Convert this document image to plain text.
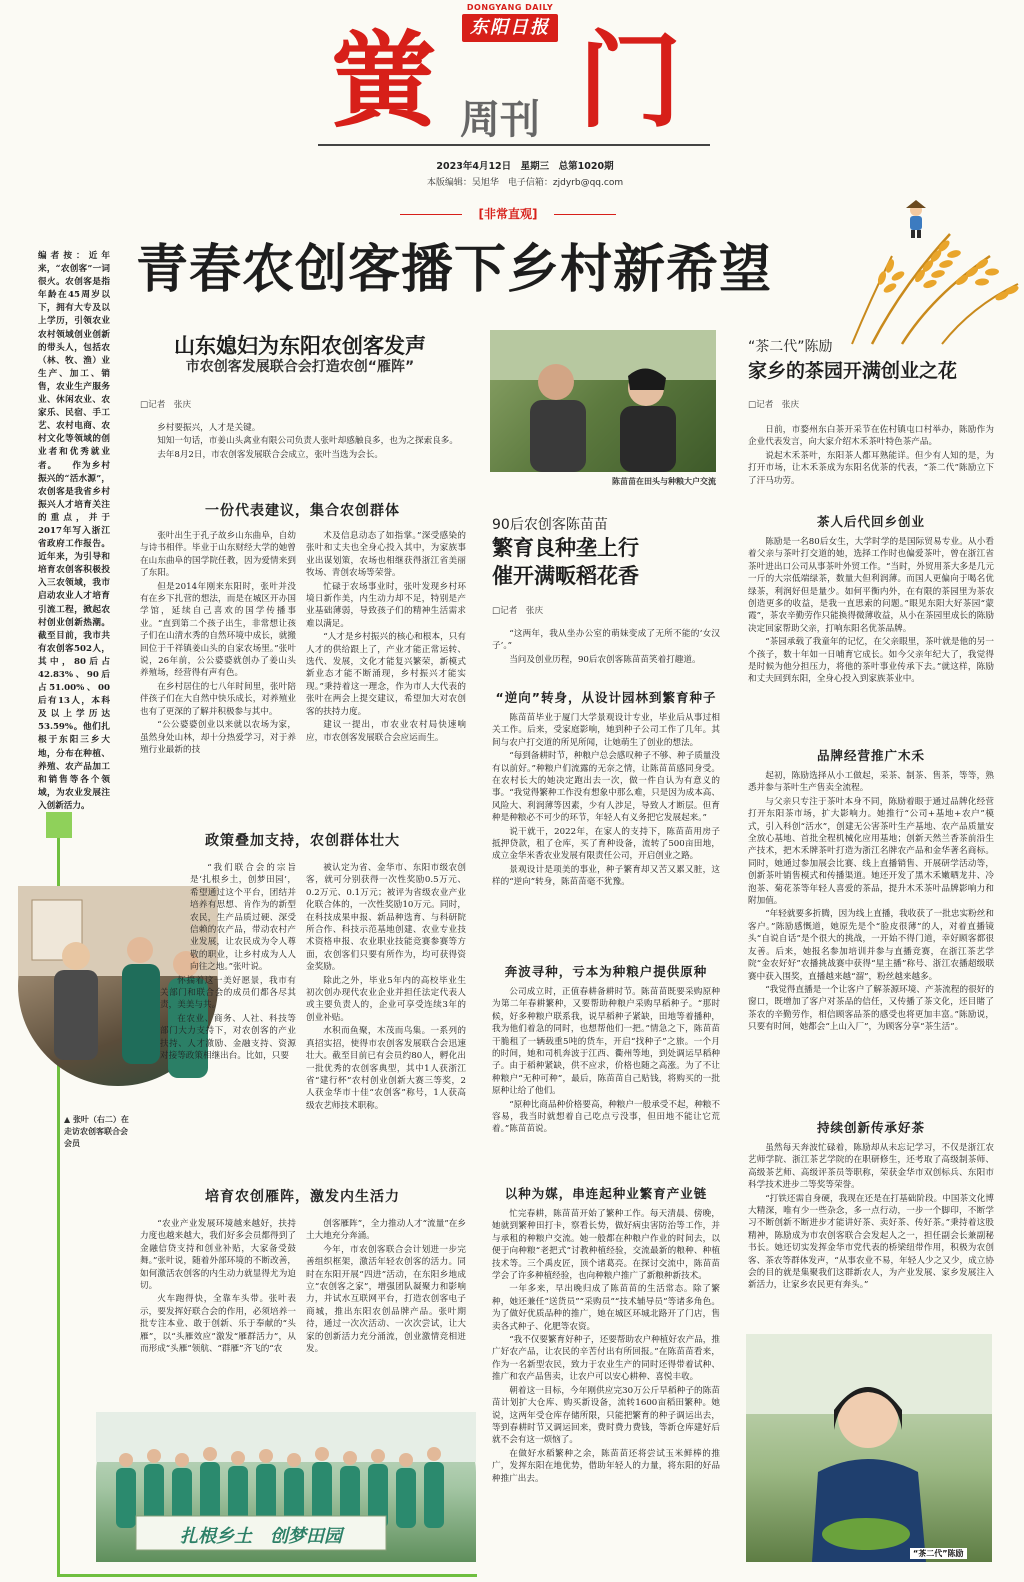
DONGYANG DAILY
东阳日报
黉 周刊 门
2023年4月12日　星期三　总第1020期
本版编辑：吴旭华　电子信箱：zjdyrb@qq.com
[非常直观]
青春农创客播下乡村新希望

编者按：近年来，“农创客”一词很火。农创客是指年龄在45周岁以下，拥有大专及以上学历，引领农业农村领域创业创新的带头人，包括农（林、牧、渔）业生产、加工、销售，农业生产服务业、休闲农业、农家乐、民宿、手工艺、农村电商、农村文化等领域的创业者和优秀就业者。　　作为乡村振兴的“活水源”，农创客是我省乡村振兴人才培育关注的重点，并于2017年写入浙江省政府工作报告。近年来，为引导和培育农创客积极投入三农领域，我市启动农业人才培育引流工程，掀起农村创业创新热潮。截至目前，我市共有农创客502人，其中，80后占42.83%、90后占51.00%、00后有13人，本科及以上学历达53.59%。他们扎根于东阳三乡大地，分布在种植、养殖、农产品加工和销售等各个领域，为农业发展注入创新活力。

山东媳妇为东阳农创客发声
市农创客发展联合会打造农创“雁阵”
□记者　张庆

乡村要振兴，人才是关键。

知知一句话，市姜山头禽业有限公司负责人张叶却感触良多，也为之探索良多。

去年8月2日，市农创客发展联合会成立，张叶当选为会长。

一份代表建议，集合农创群体

张叶出生于孔子故乡山东曲阜，自幼与诗书相伴。毕业于山东财经大学的她曾在山东曲阜的国学院任教，因为爱情来到了东阳。

但是2014年刚来东阳时，张叶并没有在乡下扎营的想法，而是在城区开办国学馆，延续自己喜欢的国学传播事业。“直到第二个孩子出生，非常想让孩子们在山清水秀的自然环境中成长，就搬回位于千祥镇姜山头的自家农场里。”张叶说，26年前，公公婆婆就创办了姜山头养殖场，经营得有声有色。

在乡村居住的七八年时间里，张叶陪伴孩子们在大自然中快乐成长，对养殖业也有了更深的了解并积极参与其中。

“公公婆婆创业以来就以农场为家，虽然身处山林，却十分热爱学习，对于养殖行业最新的技

术及信息动态了如指掌。”深受感染的张叶和丈夫也全身心投入其中，为家族事业出谋划策，农场也相继获得浙江省美丽牧场、青创农场等荣誉。

忙碌于农场事业时，张叶发现乡村环境日新作美，内生动力却不足，特别是产业基础薄弱，导致孩子们的精神生活需求难以满足。

“人才是乡村振兴的核心和根本，只有人才的供给跟上了，产业才能正常运转、选代、发展，文化才能复兴繁荣，新模式新业态才能不断涌现，乡村振兴才能实现。”秉持着这一理念，作为市人大代表的张叶在两会上提交建议，希望加大对农创客的扶持力度。

建议一提出，市农业农村局快速响应，市农创客发展联合会应运而生。

政策叠加支持，农创群体壮大
▲ 张叶（右二）在走访农创客联合会会员

“我们联合会的宗旨是‘扎根乡土，创梦田园’，希望通过这个平台，团结并培养有思想、肯作为的新型农民，生产品质过硬、深受信赖的农产品，带动农村产业发展，让农民成为令人尊敬的职业，让乡村成为人人向往之地。”张叶说。

怀揣着这一美好愿景，我市有关部门和联合会的成员们都各尽其责，美美与共。

在农业、商务、人社、科技等部门大力支持下，对农创客的产业扶持、人才激励、金融支持、资源对接等政策相继出台。比如，只要

被认定为省、金华市、东阳市级农创客，就可分别获得一次性奖励0.5万元、0.2万元、0.1万元；被评为省级农业产业化联合体的，一次性奖励10万元。同时，在科技成果申报、新品种选育、与科研院所合作、科技示范基地创建、农业专业技术资格申报、农业职业技能竞赛参赛等方面，农创客们只要有所作为，均可获得资金奖励。

除此之外，毕业5年内的高校毕业生初次创办现代农业企业并担任法定代表人或主要负责人的，企业可享受连续3年的创业补贴。

水积而鱼聚，木茂而鸟集。一系列的真招实招，使得市农创客发展联合会迅速壮大。截至目前已有会员约80人，孵化出一批优秀的农创客典型，其中1人获浙江省“建行杯”农村创业创新大赛三等奖，2人获金华市十佳“农创客”称号，1人获高级农艺师技术职称。

培育农创雁阵，激发内生活力

“农业产业发展环境越来越好，扶持力度也越来越大，我们好多会员都得到了金融信贷支持和创业补贴，大家备受鼓舞。”张叶说，随着外部环境的不断改善，如何激活农创客的内生动力就显得尤为迫切。

火车跑得快，全靠车头带。张叶表示，要发挥好联合会的作用，必须培养一批专注本业、敢于创新、乐于奉献的“头雁”，以“头雁效应”激发“雁群活力”，从而形成“头雁”领航、“群雁”齐飞的“农

创客雁阵”，全力推动人才“流量”在乡土大地充分奔涌。

今年，市农创客联合会计划进一步完善组织框架，激活年轻农创客的活力。同时在东阳开展“四进”活动，在东阳乡地成立“农创客之家”，增强团队凝聚力和影响力，并试水互联网平台，打造农创客电子商城，推出东阳农创品牌产品。张叶期待，通过一次次活动、一次次尝试，让大家的创新活力充分涌流，创业激情竞相迸发。

扎根乡土　创梦田园
陈苗苗在田头与种粮大户交流
90后农创客陈苗苗
繁育良种垄上行
催开满畈稻花香
□记者　张庆

“这两年，我从坐办公室的萌妹变成了无所不能的‘女汉子’。”

当问及创业历程，90后农创客陈苗苗笑着打趣道。

“逆向”转身，从设计园林到繁育种子

陈苗苗毕业于厦门大学景观设计专业，毕业后从事过相关工作。后来，受家庭影响，她到种子公司工作了几年。其间与农户打交道的所见所闻，让她萌生了创业的想法。

“每到备耕时节，种粮户总会感叹种子不够、种子质量没有以前好。”种粮户们流露的无奈之情，让陈苗苗感同身受。在农村长大的她决定跑出去一次，做一件自认为有意义的事。“我觉得繁种工作没有想象中那么难，只是因为成本高、风险大、利润薄等因素，少有人涉足，导致人才断层。但育种是种粮必不可少的环节，年轻人有义务把它发展起来。”

说干就干，2022年，在家人的支持下，陈苗苗用房子抵押贷款，租了仓库，买了育种设备，流转了500亩田地，成立金华米香农业发展有限责任公司，开启创业之路。

景观设计是项美的事业，种子繁育却又苦又累又脏，这样的“逆向”转身，陈苗苗毫不犹豫。

奔波寻种，亏本为种粮户提供原种

公司成立时，正值春耕备耕时节。陈苗苗既要采购原种为第二年春耕繁种，又要帮助种粮户采购早稻种子。“那时候，好多种粮户联系我，说早稻种子紧缺，田地等着播种，我为他们着急的同时，也想帮他们一把。”情急之下，陈苗苗干脆租了一辆载重5吨的货车，开启“找种子”之旅。一个月的时间，她和司机奔波于江西、衢州等地，到处调运早稻种子。由于稻种紧缺，供不应求，价格也随之高涨。为了不让种粮户“无种可种”，最后，陈苗苗自己贴钱，将购买的一批原种让给了他们。

“原种比商品种价格要高，种粮户一般承受不起，种粮不容易，我当时就想着自己吃点亏没事，但田地不能让它荒着。”陈苗苗说。

以种为媒，串连起种业繁育产业链

忙完春耕，陈苗苗开始了繁种工作。每天清晨、傍晚，她就到繁种田打卡，察看长势，做好病虫害防治等工作，并与承租的种粮户交流。她一般都在种粮户作业的时间去，以便于向种粮“老把式”讨教种植经验，交流最新的粮种、种植技术等。三个禹皮匠，顶个诸葛亮。在探讨交流中，陈苗苗学会了许多种植经验，也向种粮户推广了新粮种新技术。

一年多来，早出晚归成了陈苗苗的生活常态。除了繁种，她还兼任“送货员”“采购员”“技术辅导员”等诸多角色。为了做好优质品种的推广，她在城区环城北路开了门店，售卖各式种子、化肥等农资。

“我不仅要繁育好种子，还要帮助农户种植好农产品，推广好农产品，让农民的辛苦付出有所回报。”在陈苗苗看来，作为一名新型农民，致力于农业生产的同时还得带着试种、推广和农产品售卖，让农户可以安心耕种、喜悦丰收。

朝着这一目标，今年刚供应完30万公斤早稻种子的陈苗苗计划扩大仓库、购买新设备，流转1600亩稻田繁种。她说，这两年受仓库存储所限，只能把繁育的种子调运出去，等到春耕时节又调运回来，费时费力费钱，等新仓库建好后就不会有这一烦恼了。

在做好水稻繁种之余，陈苗苗还将尝试玉米鲜棒的推广，发挥东阳在地优势，借助年轻人的力量，将东阳的好品种推广出去。

“茶二代”陈励
家乡的茶园开满创业之花
□记者　张庆

日前，市婺州东白茶开采节在佐村镇屯口村举办，陈励作为企业代表发言，向大家介绍木禾茶叶特色茶产品。

说起木禾茶叶，东阳茶人都耳熟能详。但少有人知的是，为打开市场，让木禾茶成为东阳名优茶的代表，“茶二代”陈励立下了汗马功劳。

茶人后代回乡创业

陈励是一名80后女生，大学时学的是国际贸易专业。从小看着父亲与茶叶打交道的她，选择工作时也偏爱茶叶，曾在浙江省茶叶进出口公司从事茶叶外贸工作。“当时，外贸用茶大多是几元一斤的大宗低端绿茶，数量大但利润薄。而国人更偏向于喝名优绿茶，利润好但是量少。如何平衡内外，在有限的茶园里为茶农创造更多的收益，是我一直思索的问题。”眼见东阳大好茶园“蒙霞”，茶农辛勤劳作只能换得微薄收益，从小在茶园里成长的陈励决定回家帮助父亲，打响东阳名优茶品牌。

“茶园承载了我童年的记忆，在父亲眼里，茶叶就是他的另一个孩子，数十年如一日哺育它成长。如今父亲年纪大了，我觉得是时候为他分担压力，将他的茶叶事业传承下去。”就这样，陈励和丈夫回到东阳，全身心投入到家族茶业中。

品牌经营推广木禾

起初，陈励选择从小工做起，采茶、制茶、售茶，等等，熟悉并参与茶叶生产售卖全流程。

与父亲只专注于茶叶本身不同，陈励着眼于通过品牌化经营打开东阳茶市场，扩大影响力。她推行“公司+基地+农户”模式，引入科创“活水”，创建无公害茶叶生产基地、农产品质量安全放心基地、首批全程机械化应用基地；创新天然兰香茶前沿生产技术，把木禾牌茶叶打造为浙江名牌农产品和金华著名商标。同时，她通过参加展会比赛、线上直播销售、开展研学活动等，创新茶叶销售模式和传播渠道。她还开发了黑木禾嫩晒龙井、冷泡茶、菊花茶等年轻人喜爱的茶品，提升木禾茶叶品牌影响力和附加值。

“年轻就要多折腾，因为线上直播，我收获了一批忠实粉丝和客户。”陈励感慨道，她原先是个“脸皮很薄”的人，对着直播镜头“自说自话”是个很大的挑战，一开始不得门道，幸好顾客都很友善。后来，她报名参加培训并参与直播竞赛，在浙江茶艺学院“金农好好”农播挑战赛中获得“星主播”称号、浙江农播超级联赛中获入围奖，直播越来越“溜”，粉丝越来越多。

“我觉得直播是一个让客户了解茶源环境、产茶流程的很好的窗口，既增加了客户对茶品的信任，又传播了茶文化，还目睹了茶农的辛勤劳作，相信顾客品茶的感受也将更加丰富。”陈励说，只要有时间，她都会“上山入厂”，为顾客分享“茶生活”。

持续创新传承好茶

虽然每天奔波忙碌着，陈励却从未忘记学习，不仅是浙江农艺师学院、浙江茶艺学院的在职研修生，还考取了高级制茶师、高级茶艺师、高级评茶员等职称，荣获金华市双创标兵、东阳市科学技术进步二等奖等荣誉。

“打铁还需自身硬，我现在还是在打基础阶段。中国茶文化博大精深，唯有少一些杂念，多一点行动，一步一个脚印，不断学习不断创新不断进步才能讲好茶、卖好茶、传好茶。”秉持着这股精神，陈励成为市农创客联合会发起人之一，担任副会长兼副秘书长。她还切实发挥金华市党代表的桥梁纽带作用，积极为农创客、茶农等群体发声，“从事农业不易，年轻人少之又少，成立协会的目的就是集聚我们这群新农人，为产业发展、家乡发展注入新活力，让家乡农民更有奔头。”

“茶二代”陈励
